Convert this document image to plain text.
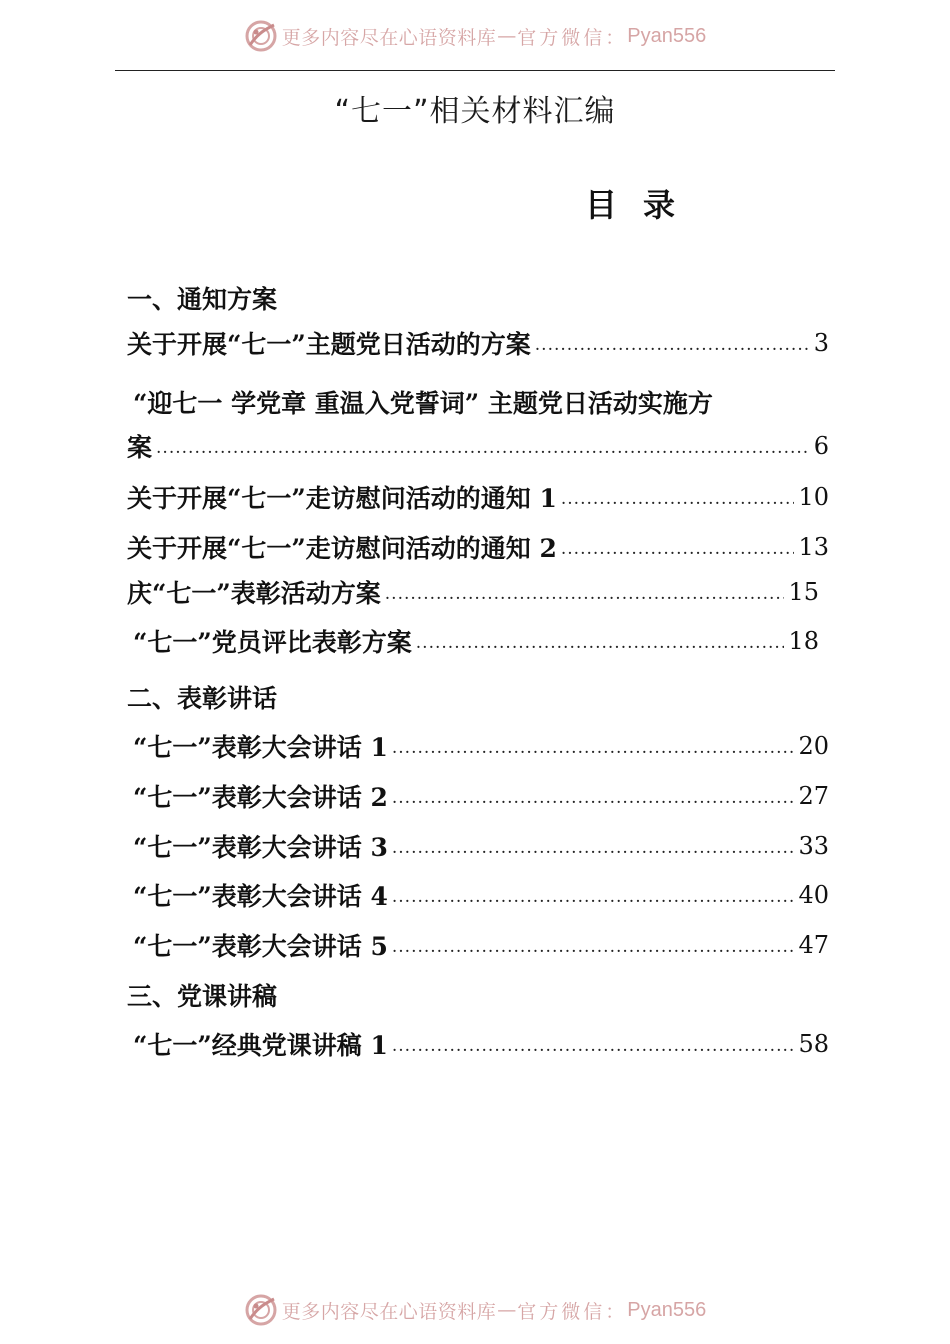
更多内容尽在心语资料库 — 官方微信： Pyan556
“七一”相关材料汇编
目录
一、通知方案
关于开展“七一”主题党日活动的方案 .....	3
“迎七一 学党章 重温入党誓词” 主题党日活动实施方
案 .....	6
关于开展“七一”走访慰问活动的通知 1 .....	10
关于开展“七一”走访慰问活动的通知 2 .....	13
庆“七一”表彰活动方案 .....	15
“七一”党员评比表彰方案 .....	18
二、表彰讲话
“七一”表彰大会讲话 1 .....	20
“七一”表彰大会讲话 2 .....	27
“七一”表彰大会讲话 3 .....	33
“七一”表彰大会讲话 4 .....	40
“七一”表彰大会讲话 5 .....	47
三、党课讲稿
“七一”经典党课讲稿 1 .....	58
更多内容尽在心语资料库 — 官方微信： Pyan556
